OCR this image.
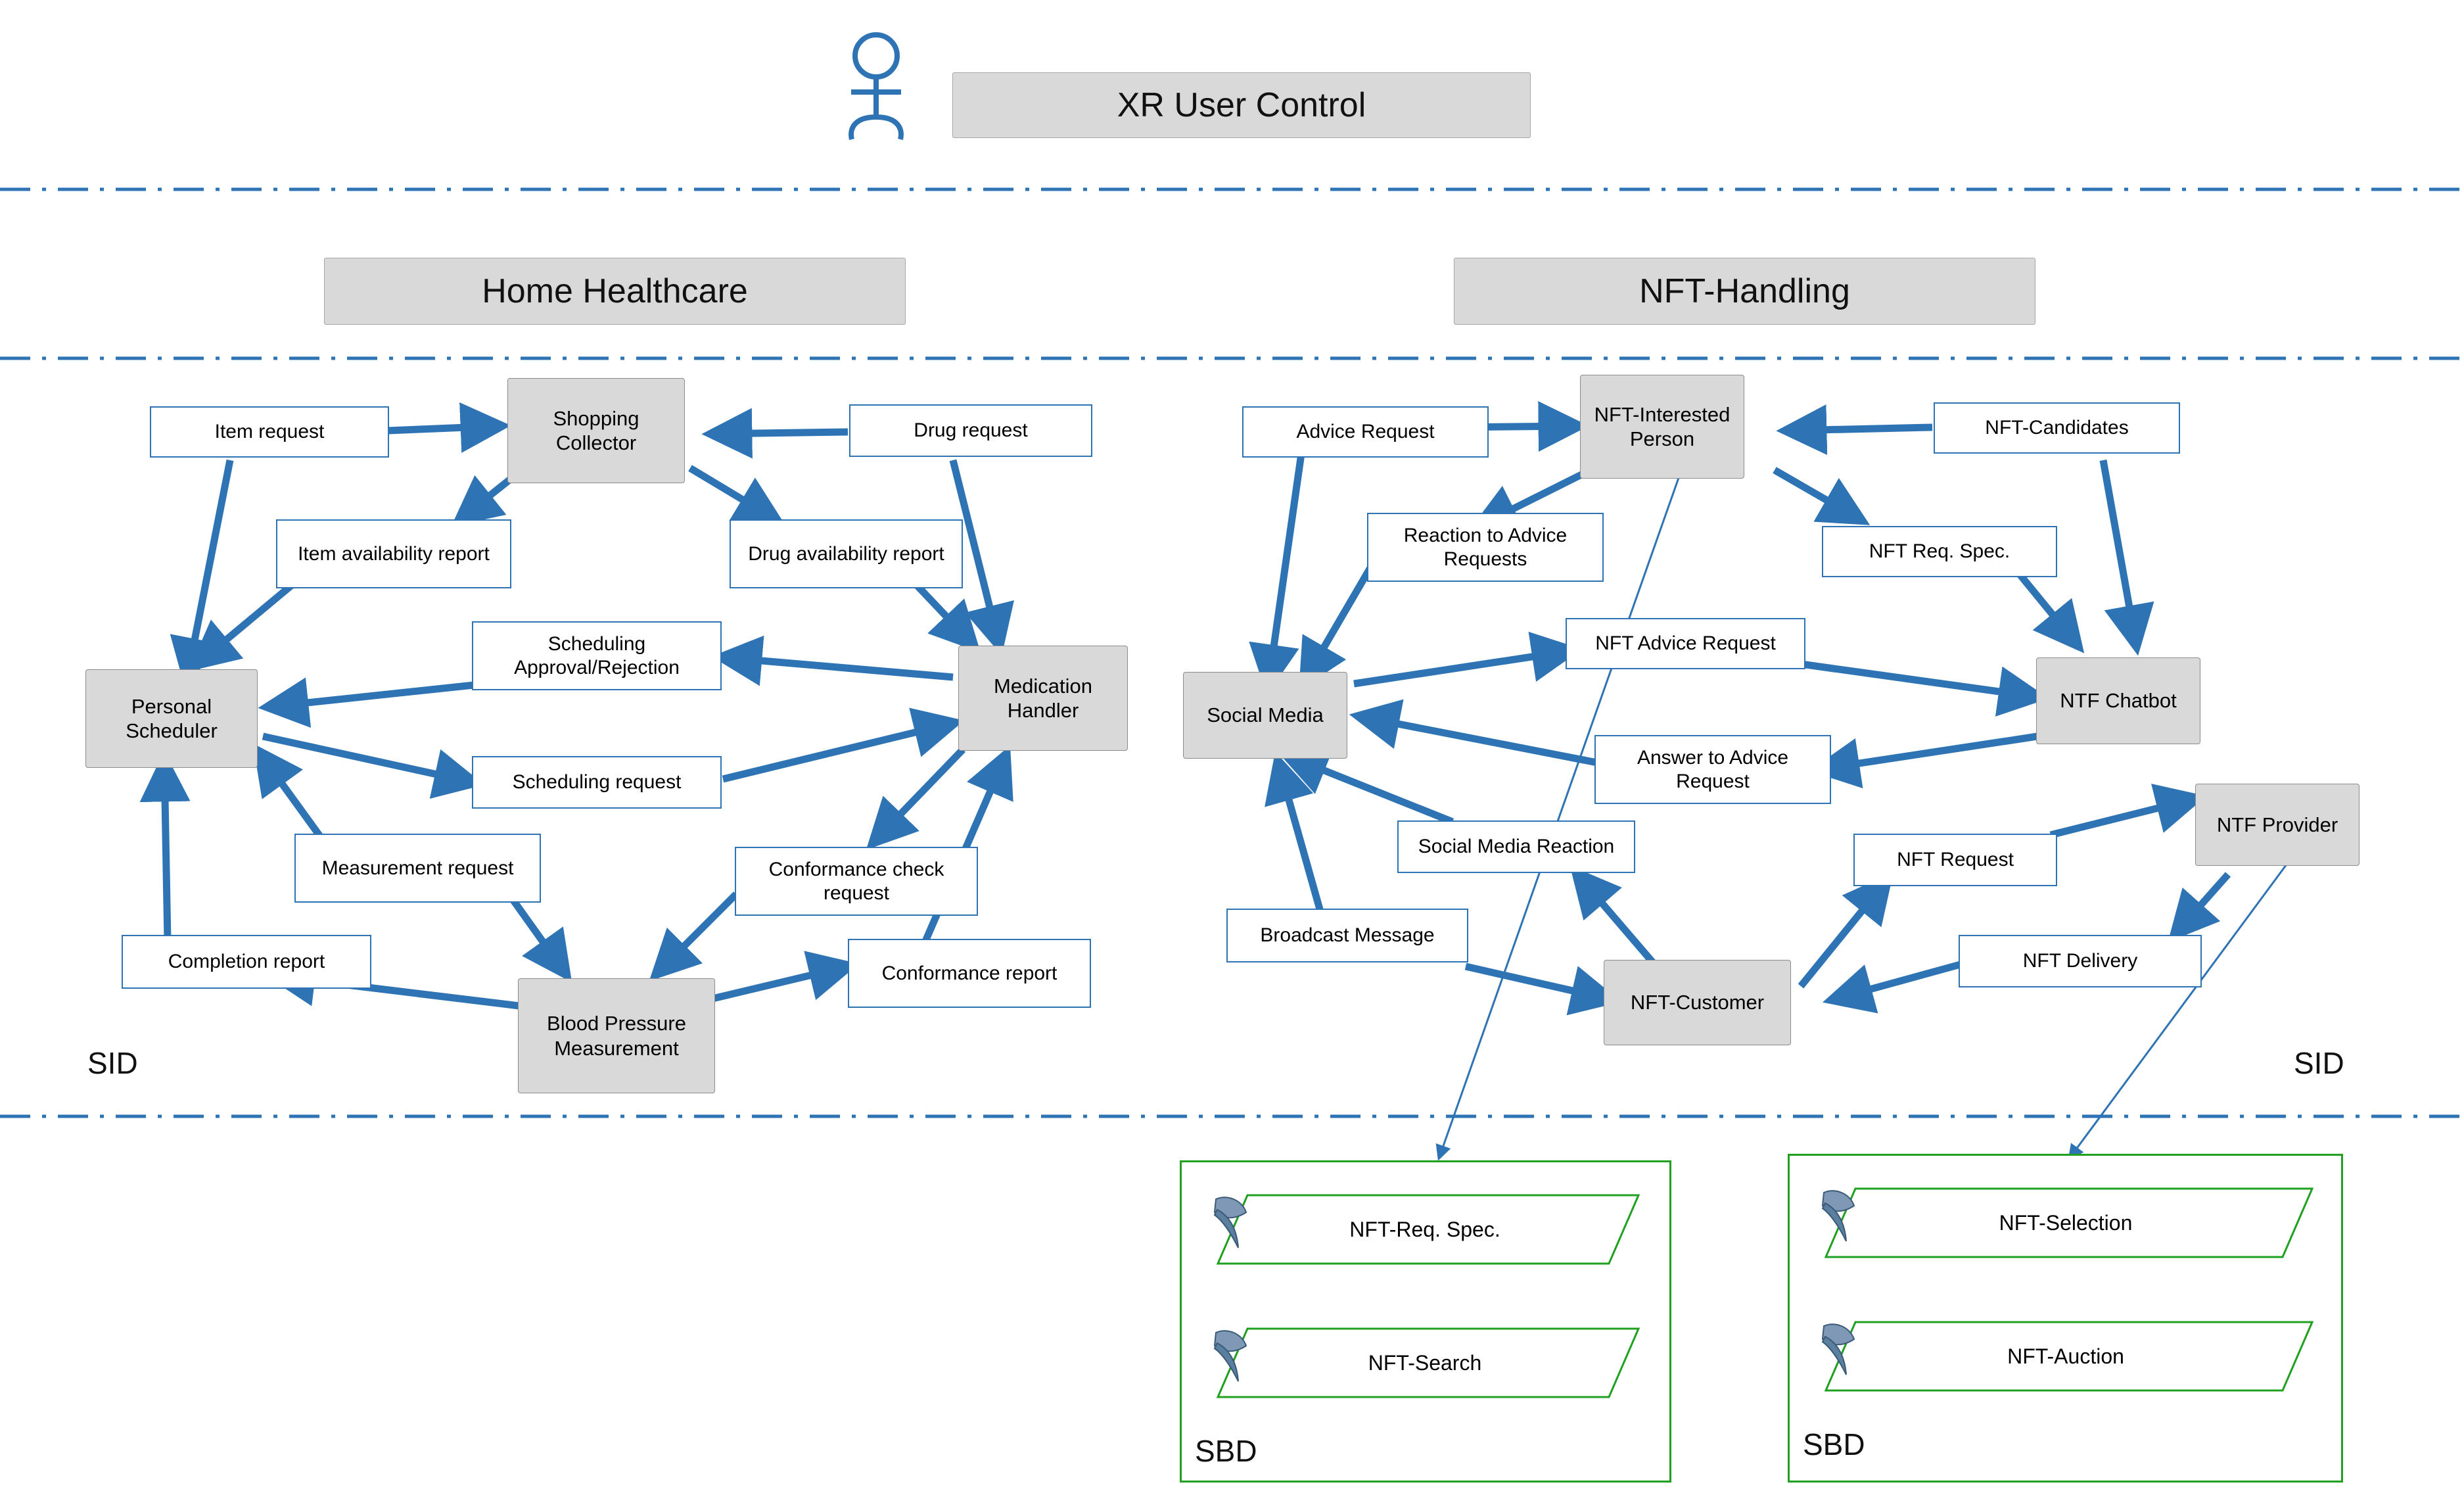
XR User Control
Home Healthcare	NFT-Handling
SID	SID
Shopping Collector
Personal Scheduler
Medication Handler
Blood Pressure Measurement
Item request	Drug request
Item availability report	Drug availability report
Scheduling Approval/Rejection
Scheduling request
Measurement request	Conformance check request
Completion report
Conformance report
NFT-Interested Person
Social Media
NTF Chatbot
NTF Provider
NFT-Customer
Advice Request	NFT-Candidates
Reaction to Advice Requests	NFT Req. Spec.
NFT Advice Request
Answer to Advice Request
Social Media Reaction
NFT Request
Broadcast Message
NFT Delivery
NFT-Req. Spec.
NFT-Search
SBD
NFT-Selection
NFT-Auction
SBD
